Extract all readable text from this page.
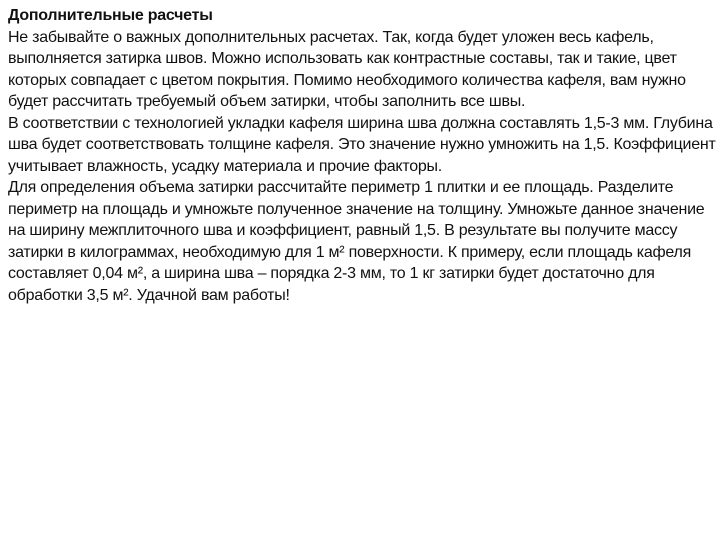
Дополнительные расчеты

Не забывайте о важных дополнительных расчетах. Так, когда будет уложен весь кафель, выполняется затирка швов. Можно использовать как контрастные составы, так и такие, цвет которых совпадает с цветом покрытия. Помимо необходимого количества кафеля, вам нужно будет рассчитать требуемый объем затирки, чтобы заполнить все швы.

В соответствии с технологией укладки кафеля ширина шва должна составлять 1,5-3 мм. Глубина шва будет соответствовать толщине кафеля. Это значение нужно умножить на 1,5. Коэффициент учитывает влажность, усадку материала и прочие факторы.

Для определения объема затирки рассчитайте периметр 1 плитки и ее площадь. Разделите периметр на площадь и умножьте полученное значение на толщину. Умножьте данное значение на ширину межплиточного шва и коэффициент, равный 1,5. В результате вы получите массу затирки в килограммах, необходимую для 1 м² поверхности. К примеру, если площадь кафеля составляет 0,04 м², а ширина шва – порядка 2-3 мм, то 1 кг затирки будет достаточно для обработки 3,5 м². Удачной вам работы!
